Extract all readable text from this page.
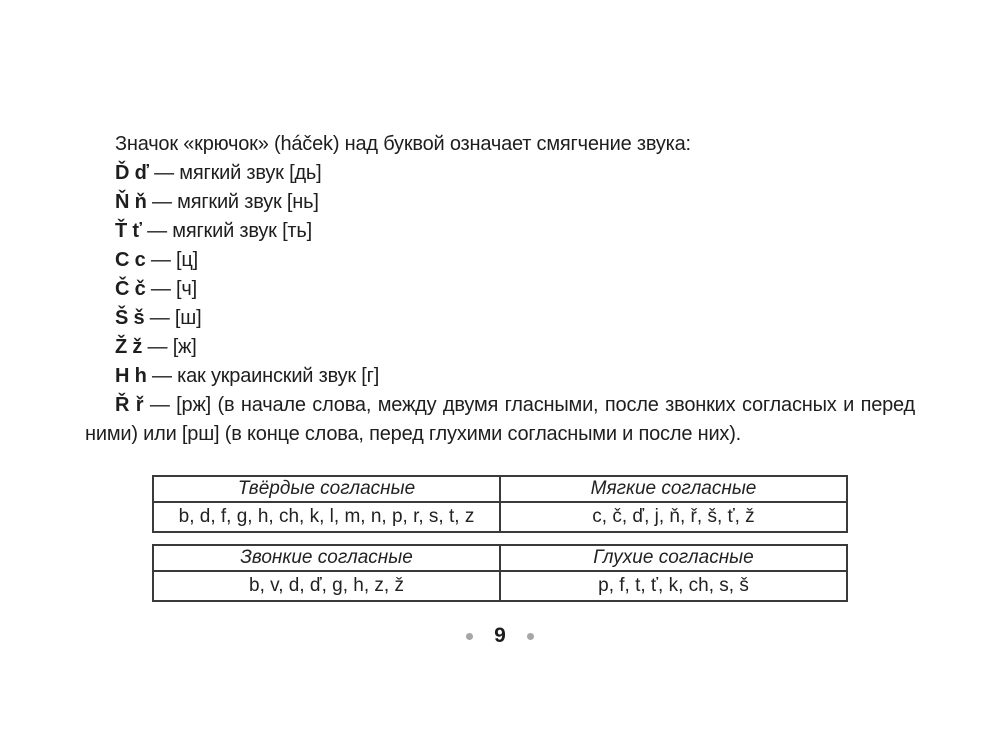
Значок «крючок» (háček) над буквой означает смягчение звука:

Ď ď — мягкий звук [дь]

Ň ň — мягкий звук [нь]

Ť ť — мягкий звук [ть]

C c — [ц]

Č č — [ч]

Š š — [ш]

Ž ž — [ж]

H h — как украинский звук [г]

Ř ř — [рж] (в начале слова, между двумя гласными, после звонких согласных и перед ними) или [рш] (в конце слова, перед глухими согласными и после них).

Твёрдые согласные	Мягкие согласные
b, d, f, g, h, ch, k, l, m, n, p, r, s, t, z	c, č, ď, j, ň, ř, š, ť, ž
Звонкие согласные	Глухие согласные
b, v, d, ď, g, h, z, ž	p, f, t, ť, k, ch, s, š
9
